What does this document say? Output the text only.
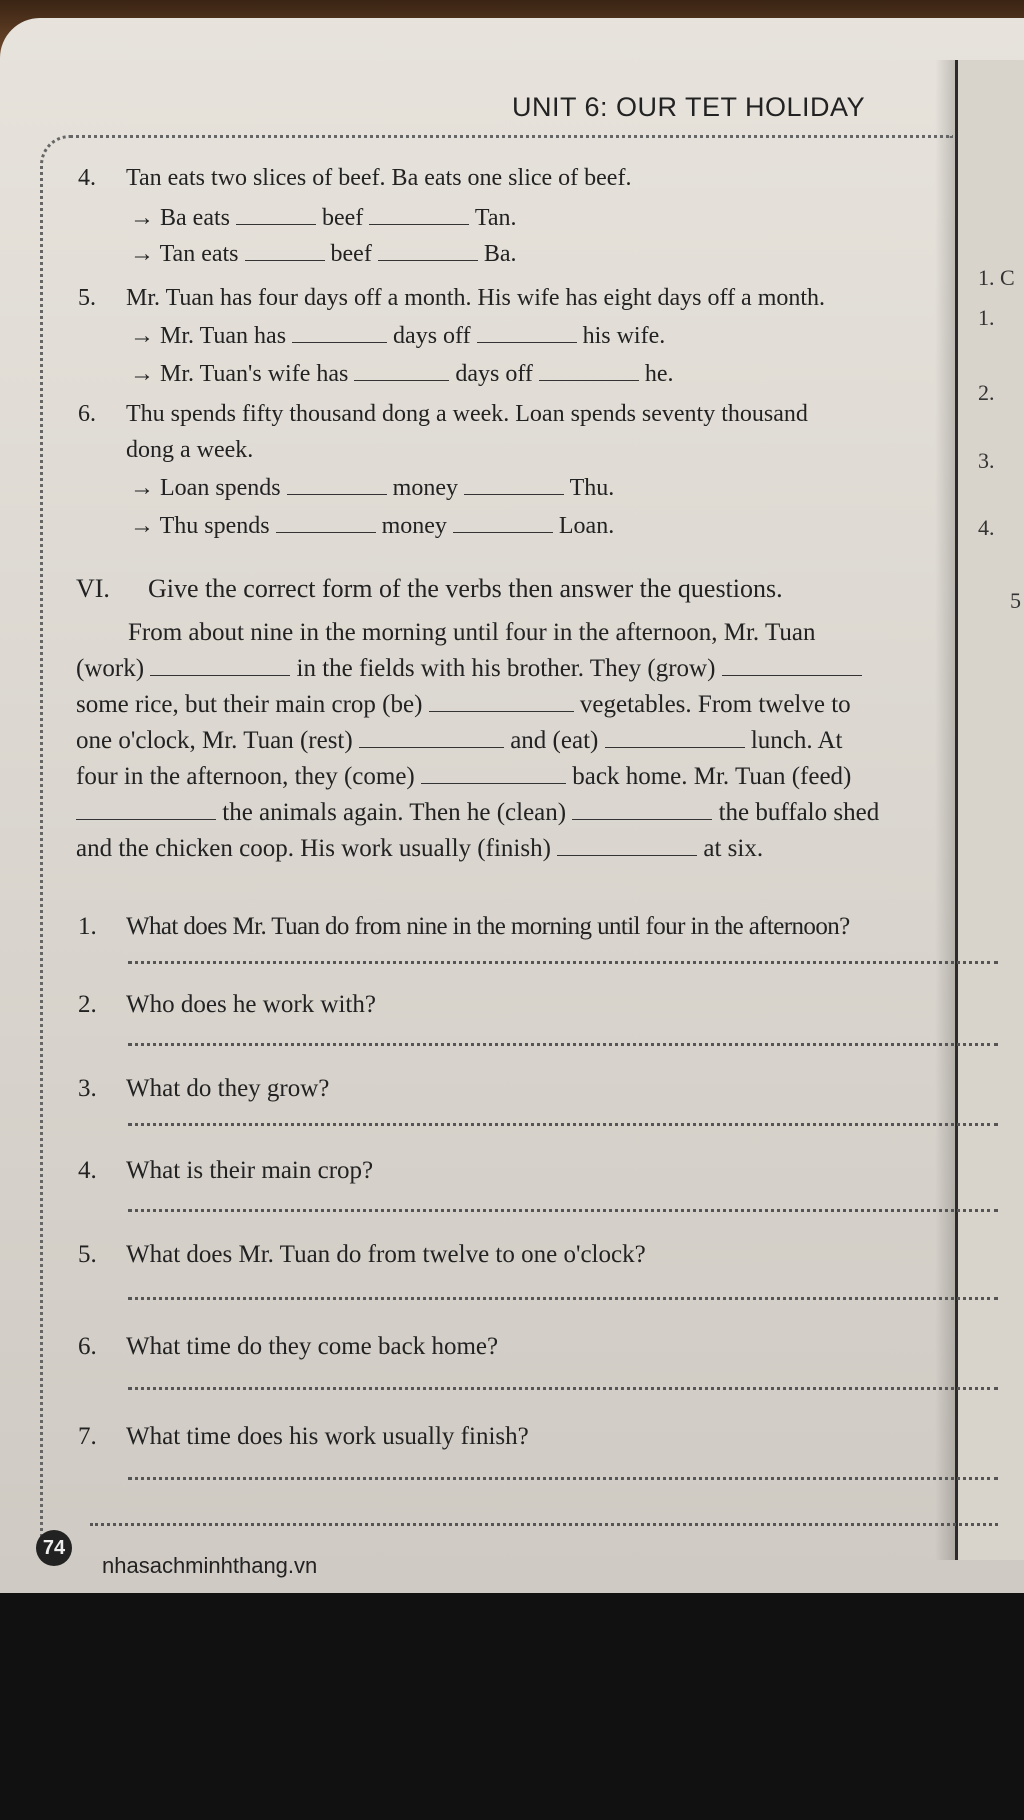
1. C
1.
2.
3.
4.
5
UNIT 6: OUR TET HOLIDAY
4. Tan eats two slices of beef. Ba eats one slice of beef.
→ Ba eats	beef	Tan.
→ Tan eats	beef	Ba.
5. Mr. Tuan has four days off a month. His wife has eight days off a month.
→ Mr. Tuan has	days off	his wife.
→ Mr. Tuan's wife has	days off	he.
6. Thu spends fifty thousand dong a week. Loan spends seventy thousand
dong a week.
→ Loan spends	money	Thu.
→ Thu spends	money	Loan.
VI. Give the correct form of the verbs then answer the questions.
From about nine in the morning until four in the afternoon, Mr. Tuan
(work)	in the fields with his brother. They (grow)
some rice, but their main crop (be)	vegetables. From twelve to
one o'clock, Mr. Tuan (rest)	and (eat)	lunch. At
four in the afternoon, they (come)	back home. Mr. Tuan (feed)
the animals again. Then he (clean)	the buffalo shed
and the chicken coop. His work usually (finish)	at six.
1. What does Mr. Tuan do from nine in the morning until four in the afternoon?
2. Who does he work with?
3. What do they grow?
4. What is their main crop?
5. What does Mr. Tuan do from twelve to one o'clock?
6. What time do they come back home?
7. What time does his work usually finish?
74
nhasachminhthang.vn
